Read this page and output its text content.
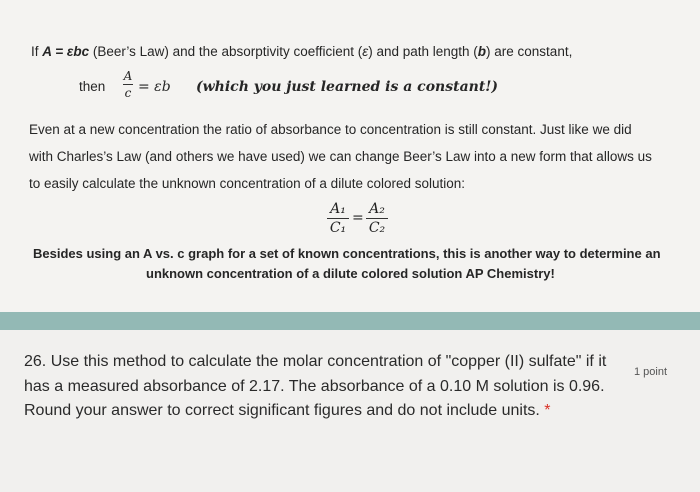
If A = εbc (Beer’s Law) and the absorptivity coefficient (ε) and path length (b) are constant,
then
A
c = εb (which you just learned is a constant!)
Even at a new concentration the ratio of absorbance to concentration is still constant. Just like we did
with Charles’s Law (and others we have used) we can change Beer’s Law into a new form that allows us
to easily calculate the unknown concentration of a dilute colored solution:
A₁
C₁
=
A₂
C₂
Besides using an A vs. c graph for a set of known concentrations, this is another way to determine an
unknown concentration of a dilute colored solution AP Chemistry!
26. Use this method to calculate the molar concentration of "copper (II) sulfate" if it has a measured absorbance of 2.17. The absorbance of a 0.10 M solution is 0.96. Round your answer to correct significant figures and do not include units. *
1 point
